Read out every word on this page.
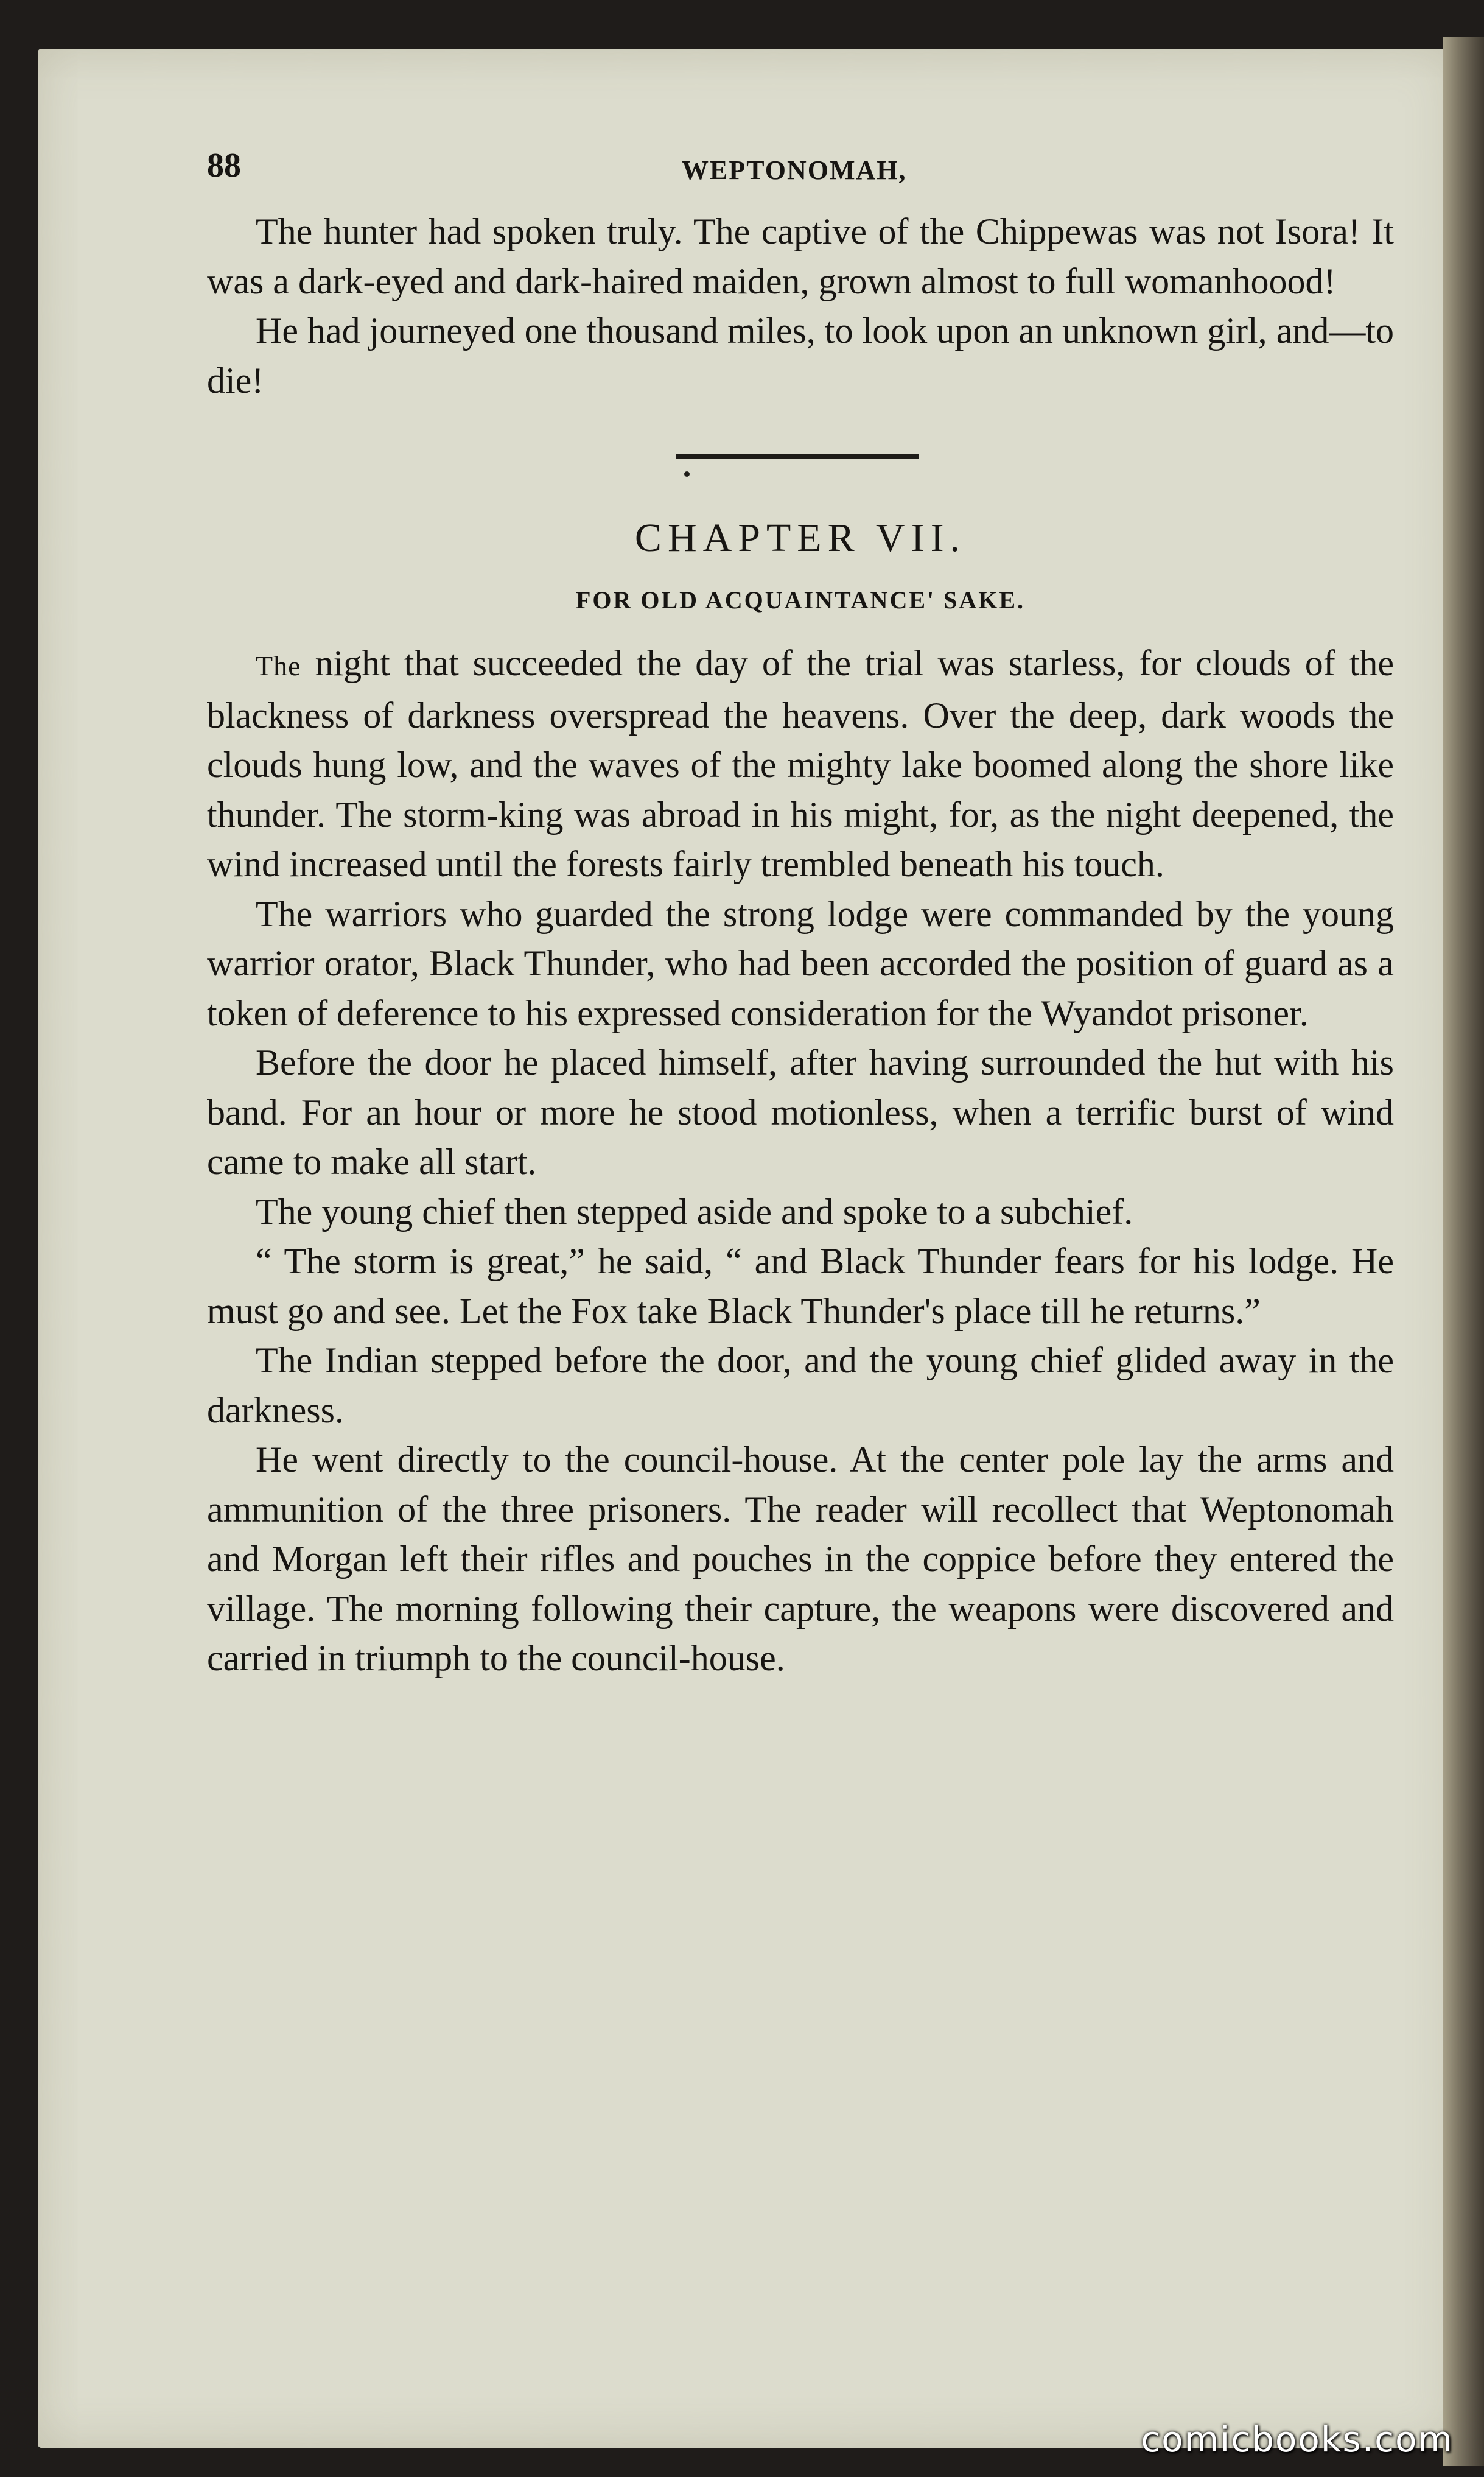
88	WEPTONOMAH,

The hunter had spoken truly. The captive of the Chippewas was not Isora! It was a dark-eyed and dark-haired maiden, grown almost to full womanhoood!

He had journeyed one thousand miles, to look upon an unknown girl, and—to die!

CHAPTER VII.
FOR OLD ACQUAINTANCE' SAKE.

The night that succeeded the day of the trial was starless, for clouds of the blackness of darkness overspread the heavens. Over the deep, dark woods the clouds hung low, and the waves of the mighty lake boomed along the shore like thunder. The storm-king was abroad in his might, for, as the night deepened, the wind increased until the forests fairly trembled beneath his touch.

The warriors who guarded the strong lodge were commanded by the young warrior orator, Black Thunder, who had been accorded the position of guard as a token of deference to his expressed consideration for the Wyandot prisoner.

Before the door he placed himself, after having surrounded the hut with his band. For an hour or more he stood motionless, when a terrific burst of wind came to make all start.

The young chief then stepped aside and spoke to a subchief.

“ The storm is great,” he said, “ and Black Thunder fears for his lodge. He must go and see. Let the Fox take Black Thunder's place till he returns.”

The Indian stepped before the door, and the young chief glided away in the darkness.

He went directly to the council-house. At the center pole lay the arms and ammunition of the three prisoners. The reader will recollect that Weptonomah and Morgan left their rifles and pouches in the coppice before they entered the village. The morning following their capture, the weapons were discovered and carried in triumph to the council-house.

comicbooks.com
